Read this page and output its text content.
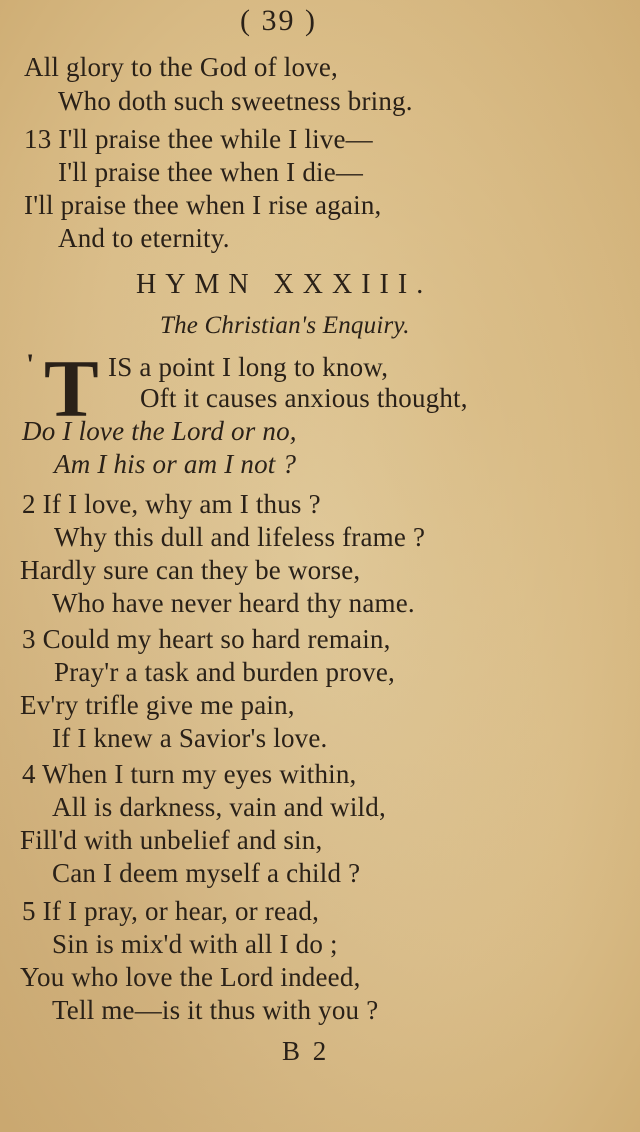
( 39 )
All glory to the God of love,
Who doth such sweetness bring.
13 I'll praise thee while I live—
I'll praise thee when I die—
I'll praise thee when I rise again,
And to eternity.
HYMN XXXIII.
The Christian's Enquiry.
' T IS a point I long to know,
Oft it causes anxious thought,
Do I love the Lord or no,
Am I his or am I not ?
2 If I love, why am I thus ?
Why this dull and lifeless frame ?
Hardly sure can they be worse,
Who have never heard thy name.
3 Could my heart so hard remain,
Pray'r a task and burden prove,
Ev'ry trifle give me pain,
If I knew a Savior's love.
4 When I turn my eyes within,
All is darkness, vain and wild,
Fill'd with unbelief and sin,
Can I deem myself a child ?
5 If I pray, or hear, or read,
Sin is mix'd with all I do ;
You who love the Lord indeed,
Tell me—is it thus with you ?
B 2
